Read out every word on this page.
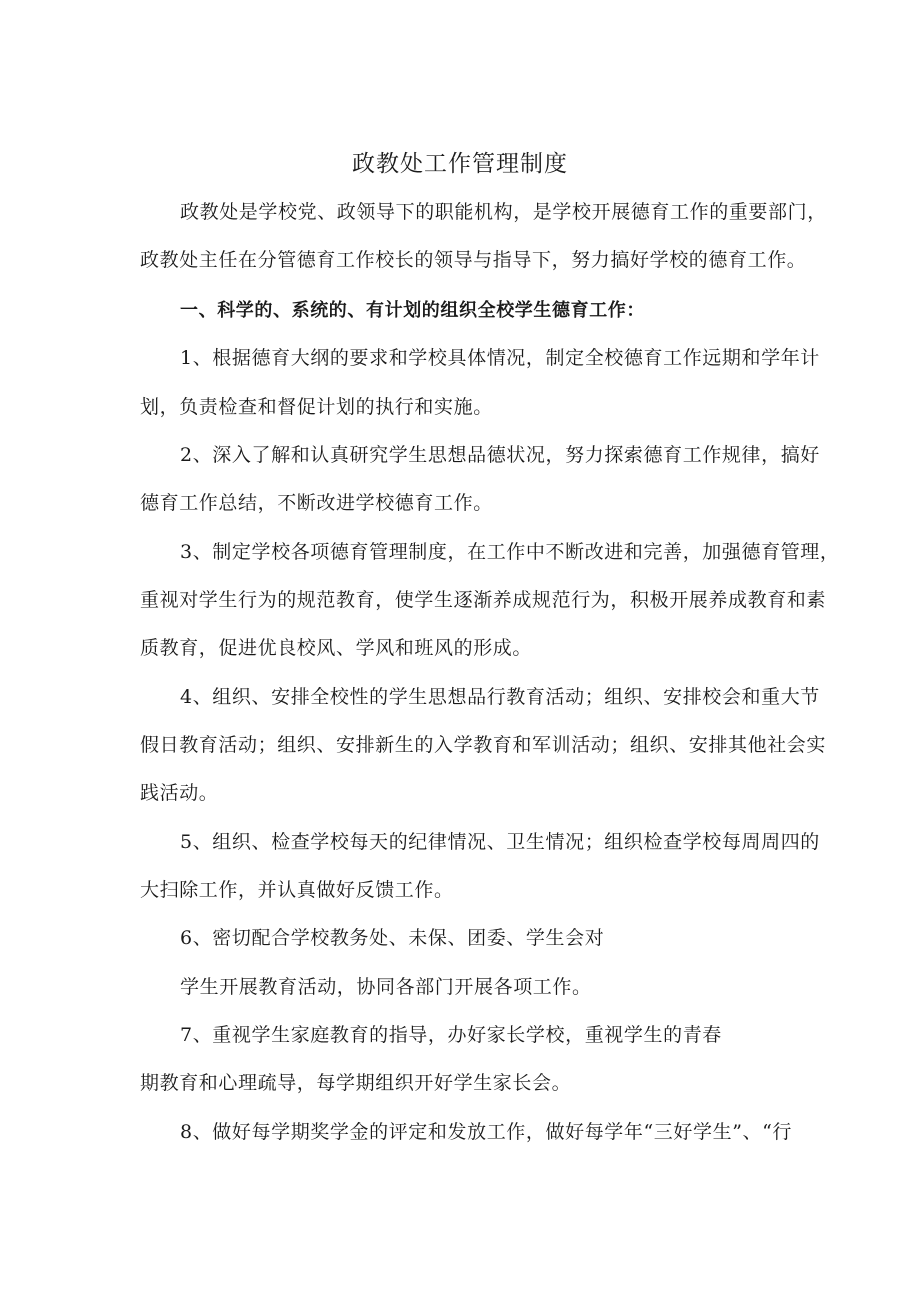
政教处工作管理制度
政教处是学校党、政领导下的职能机构，是学校开展德育工作的重要部门，
政教处主任在分管德育工作校长的领导与指导下，努力搞好学校的德育工作。
一、科学的、系统的、有计划的组织全校学生德育工作：
1、根据德育大纲的要求和学校具体情况，制定全校德育工作远期和学年计
划，负责检查和督促计划的执行和实施。
2、深入了解和认真研究学生思想品德状况，努力探索德育工作规律，搞好
德育工作总结，不断改进学校德育工作。
3、制定学校各项德育管理制度，在工作中不断改进和完善，加强德育管理，
重视对学生行为的规范教育，使学生逐渐养成规范行为，积极开展养成教育和素
质教育，促进优良校风、学风和班风的形成。
4、组织、安排全校性的学生思想品行教育活动；组织、安排校会和重大节
假日教育活动；组织、安排新生的入学教育和军训活动；组织、安排其他社会实
践活动。
5、组织、检查学校每天的纪律情况、卫生情况；组织检查学校每周周四的
大扫除工作，并认真做好反馈工作。
6、密切配合学校教务处、未保、团委、学生会对
学生开展教育活动，协同各部门开展各项工作。
7、重视学生家庭教育的指导，办好家长学校，重视学生的青春
期教育和心理疏导，每学期组织开好学生家长会。
8、做好每学期奖学金的评定和发放工作，做好每学年“三好学生”、“行
